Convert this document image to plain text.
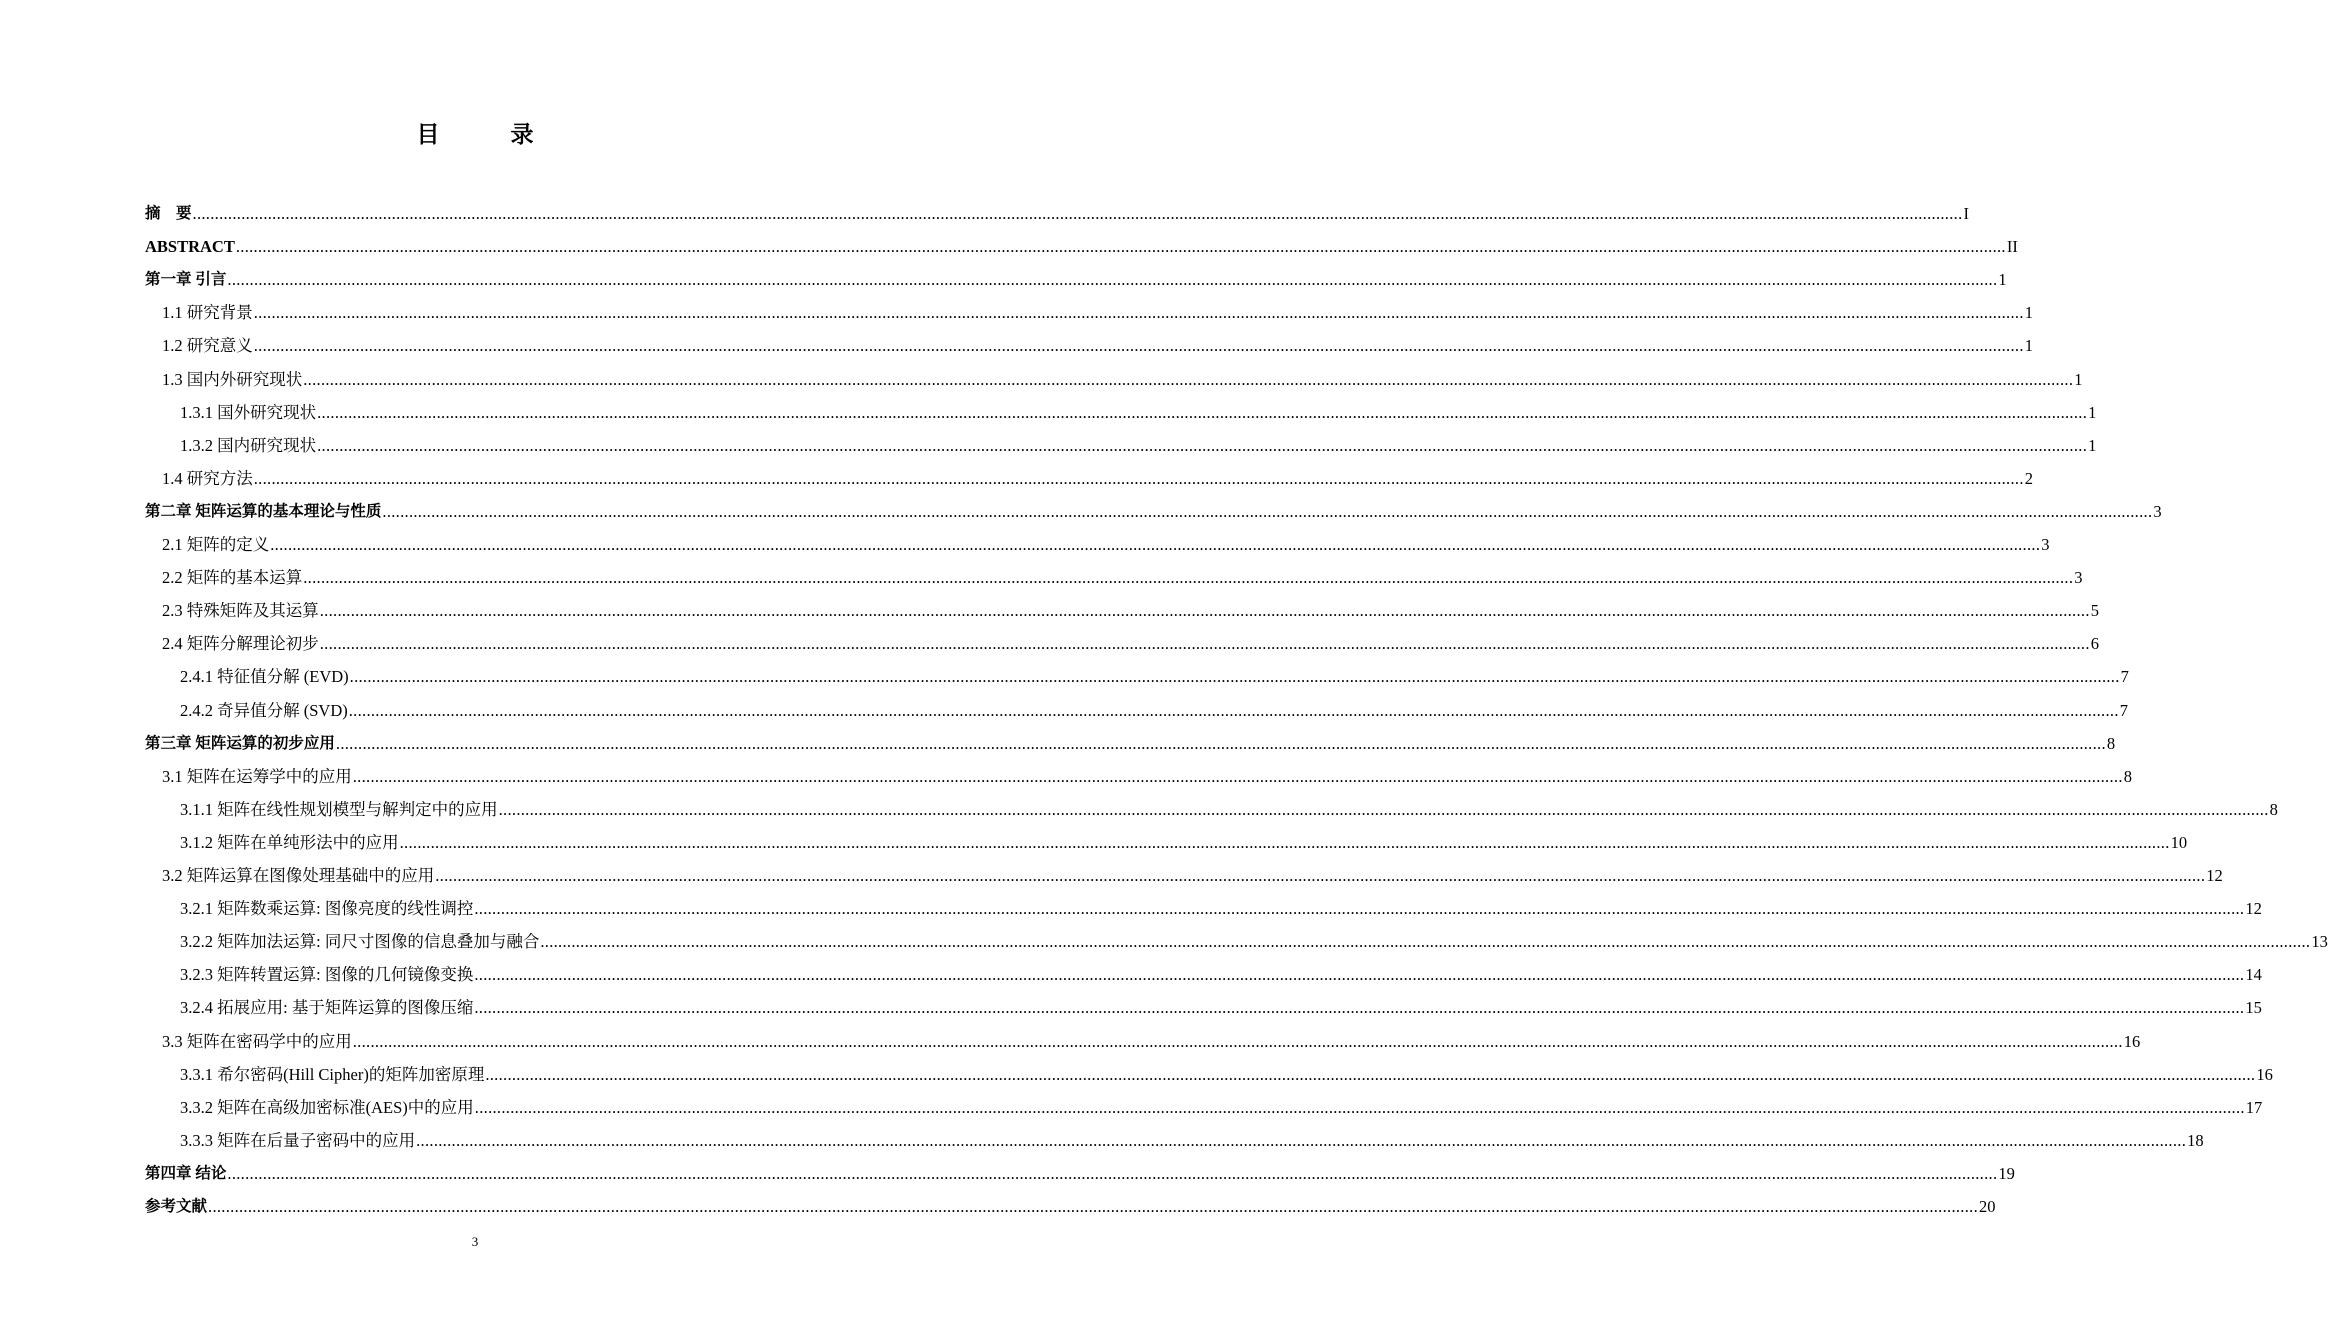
目　录
摘　要 ................................................................................................................................................................................................................................................................................................................................................................................................................ I
ABSTRACT ................................................................................................................................................................................................................................................................................................................................................................................................................ II
第一章 引言 ................................................................................................................................................................................................................................................................................................................................................................................................................ 1
1.1 研究背景 ................................................................................................................................................................................................................................................................................................................................................................................................................ 1
1.2 研究意义 ................................................................................................................................................................................................................................................................................................................................................................................................................ 1
1.3 国内外研究现状 ................................................................................................................................................................................................................................................................................................................................................................................................................ 1
1.3.1 国外研究现状 ................................................................................................................................................................................................................................................................................................................................................................................................................ 1
1.3.2 国内研究现状 ................................................................................................................................................................................................................................................................................................................................................................................................................ 1
1.4 研究方法 ................................................................................................................................................................................................................................................................................................................................................................................................................ 2
第二章 矩阵运算的基本理论与性质 ................................................................................................................................................................................................................................................................................................................................................................................................................ 3
2.1 矩阵的定义 ................................................................................................................................................................................................................................................................................................................................................................................................................ 3
2.2 矩阵的基本运算 ................................................................................................................................................................................................................................................................................................................................................................................................................ 3
2.3 特殊矩阵及其运算 ................................................................................................................................................................................................................................................................................................................................................................................................................ 5
2.4 矩阵分解理论初步 ................................................................................................................................................................................................................................................................................................................................................................................................................ 6
2.4.1 特征值分解 (EVD) ................................................................................................................................................................................................................................................................................................................................................................................................................ 7
2.4.2 奇异值分解 (SVD) ................................................................................................................................................................................................................................................................................................................................................................................................................ 7
第三章 矩阵运算的初步应用 ................................................................................................................................................................................................................................................................................................................................................................................................................ 8
3.1 矩阵在运筹学中的应用 ................................................................................................................................................................................................................................................................................................................................................................................................................ 8
3.1.1 矩阵在线性规划模型与解判定中的应用 ................................................................................................................................................................................................................................................................................................................................................................................................................ 8
3.1.2 矩阵在单纯形法中的应用 ................................................................................................................................................................................................................................................................................................................................................................................................................ 10
3.2 矩阵运算在图像处理基础中的应用 ................................................................................................................................................................................................................................................................................................................................................................................................................ 12
3.2.1 矩阵数乘运算: 图像亮度的线性调控 ................................................................................................................................................................................................................................................................................................................................................................................................................ 12
3.2.2 矩阵加法运算: 同尺寸图像的信息叠加与融合 ................................................................................................................................................................................................................................................................................................................................................................................................................ 13
3.2.3 矩阵转置运算: 图像的几何镜像变换 ................................................................................................................................................................................................................................................................................................................................................................................................................ 14
3.2.4 拓展应用: 基于矩阵运算的图像压缩 ................................................................................................................................................................................................................................................................................................................................................................................................................ 15
3.3 矩阵在密码学中的应用 ................................................................................................................................................................................................................................................................................................................................................................................................................ 16
3.3.1 希尔密码(Hill Cipher)的矩阵加密原理 ................................................................................................................................................................................................................................................................................................................................................................................................................ 16
3.3.2 矩阵在高级加密标准(AES)中的应用 ................................................................................................................................................................................................................................................................................................................................................................................................................ 17
3.3.3 矩阵在后量子密码中的应用 ................................................................................................................................................................................................................................................................................................................................................................................................................ 18
第四章 结论 ................................................................................................................................................................................................................................................................................................................................................................................................................ 19
参考文献 ................................................................................................................................................................................................................................................................................................................................................................................................................ 20
3
